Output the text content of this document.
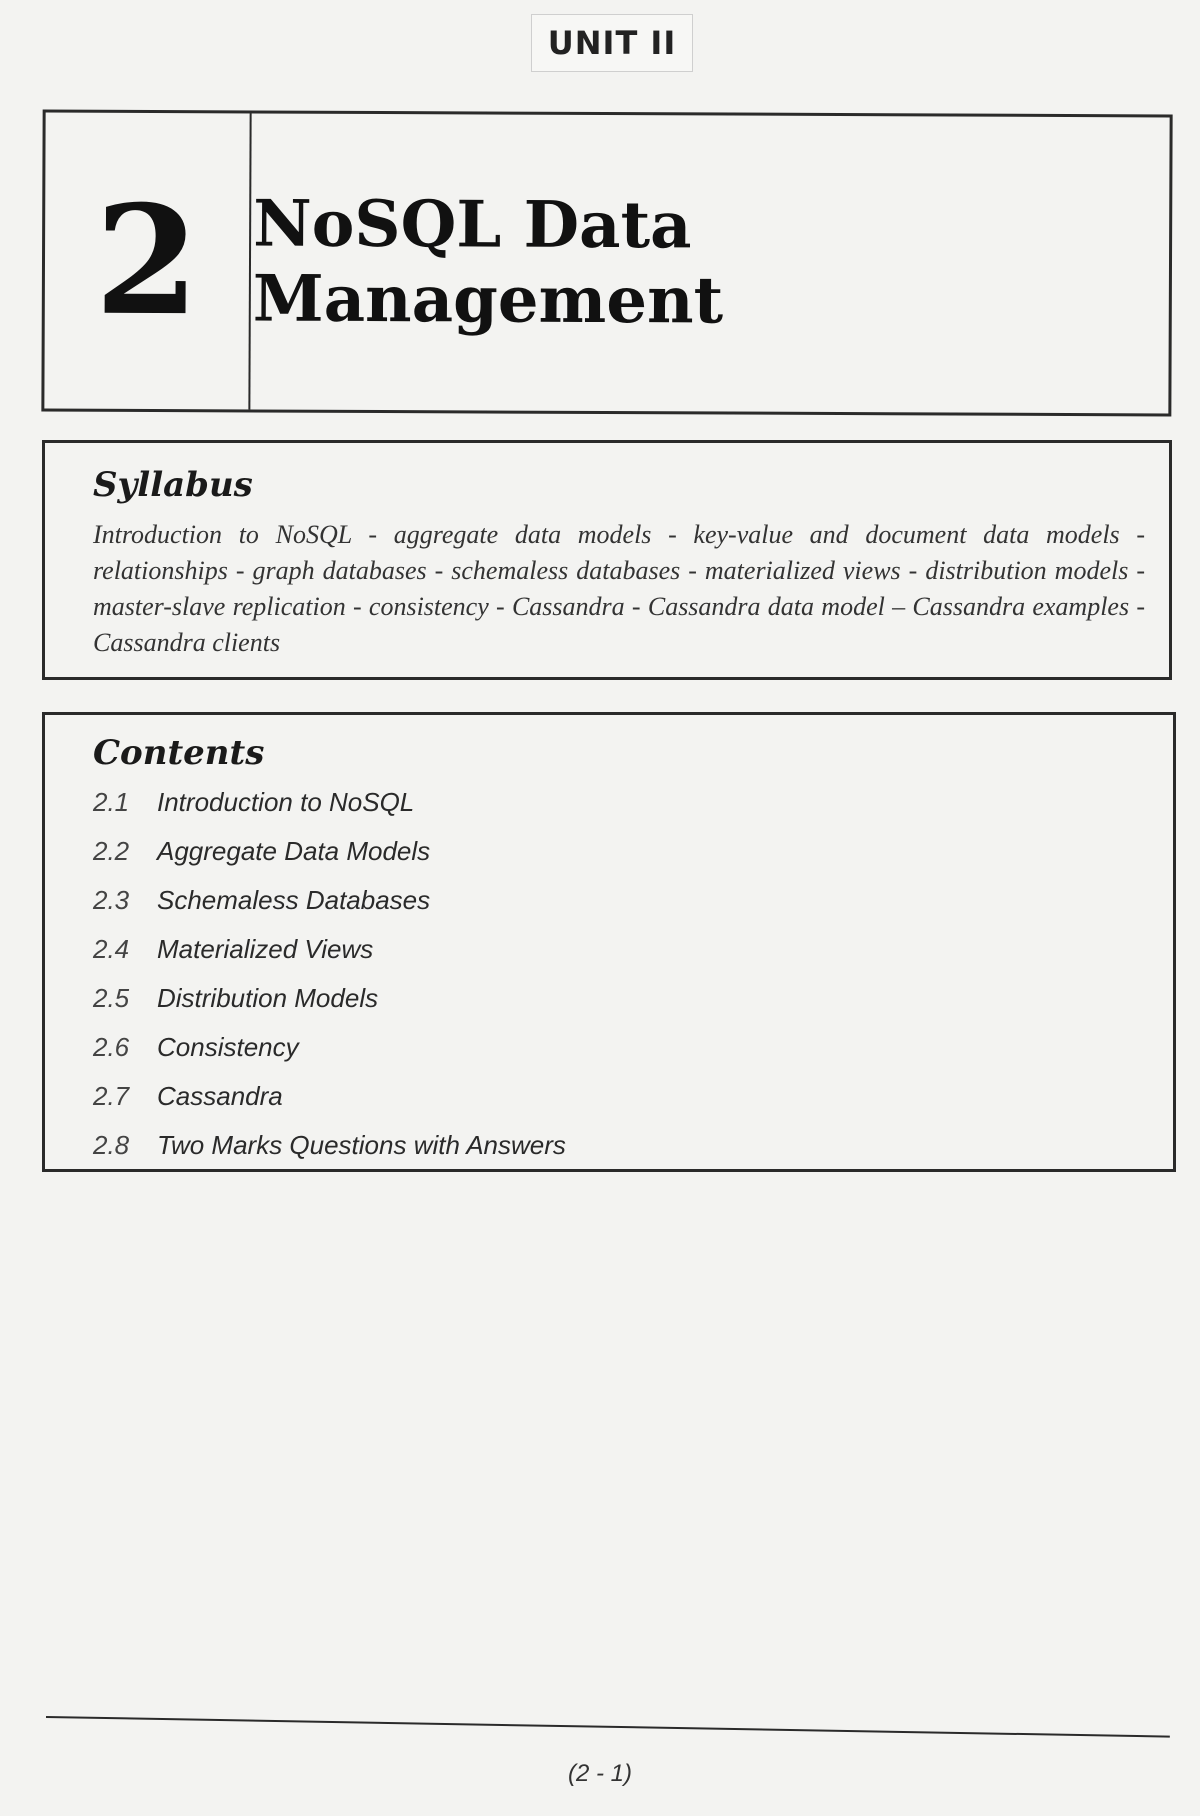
UNIT II
2 NoSQL Data Management
Syllabus

Introduction to NoSQL - aggregate data models - key-value and document data models - relationships - graph databases - schemaless databases - materialized views - distribution models - master-slave replication - consistency - Cassandra - Cassandra data model – Cassandra examples - Cassandra clients

Contents
2.1	Introduction to NoSQL
2.2	Aggregate Data Models
2.3	Schemaless Databases
2.4	Materialized Views
2.5	Distribution Models
2.6	Consistency
2.7	Cassandra
2.8	Two Marks Questions with Answers
(2 - 1)
